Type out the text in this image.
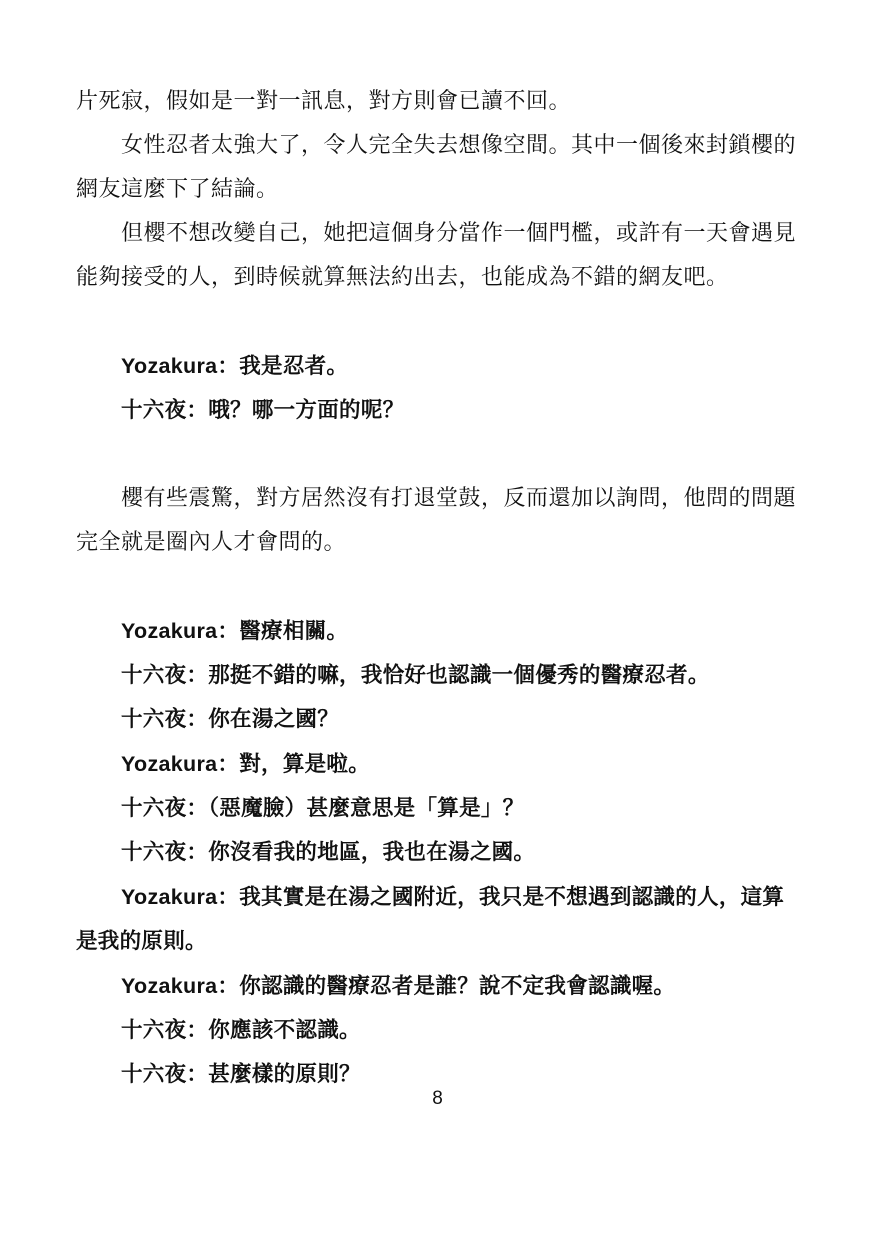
片死寂，假如是一對一訊息，對方則會已讀不回。

女性忍者太強大了，令人完全失去想像空間。其中一個後來封鎖櫻的網友這麼下了結論。

但櫻不想改變自己，她把這個身分當作一個門檻，或許有一天會遇見能夠接受的人，到時候就算無法約出去，也能成為不錯的網友吧。

Yozakura：我是忍者。

十六夜：哦？哪一方面的呢？

櫻有些震驚，對方居然沒有打退堂鼓，反而還加以詢問，他問的問題完全就是圈內人才會問的。

Yozakura：醫療相關。

十六夜：那挺不錯的嘛，我恰好也認識一個優秀的醫療忍者。

十六夜：你在湯之國？

Yozakura：對，算是啦。

十六夜：（惡魔臉）甚麼意思是「算是」？

十六夜：你沒看我的地區，我也在湯之國。

Yozakura：我其實是在湯之國附近，我只是不想遇到認識的人，這算是我的原則。

Yozakura：你認識的醫療忍者是誰？說不定我會認識喔。

十六夜：你應該不認識。

十六夜：甚麼樣的原則？

8
